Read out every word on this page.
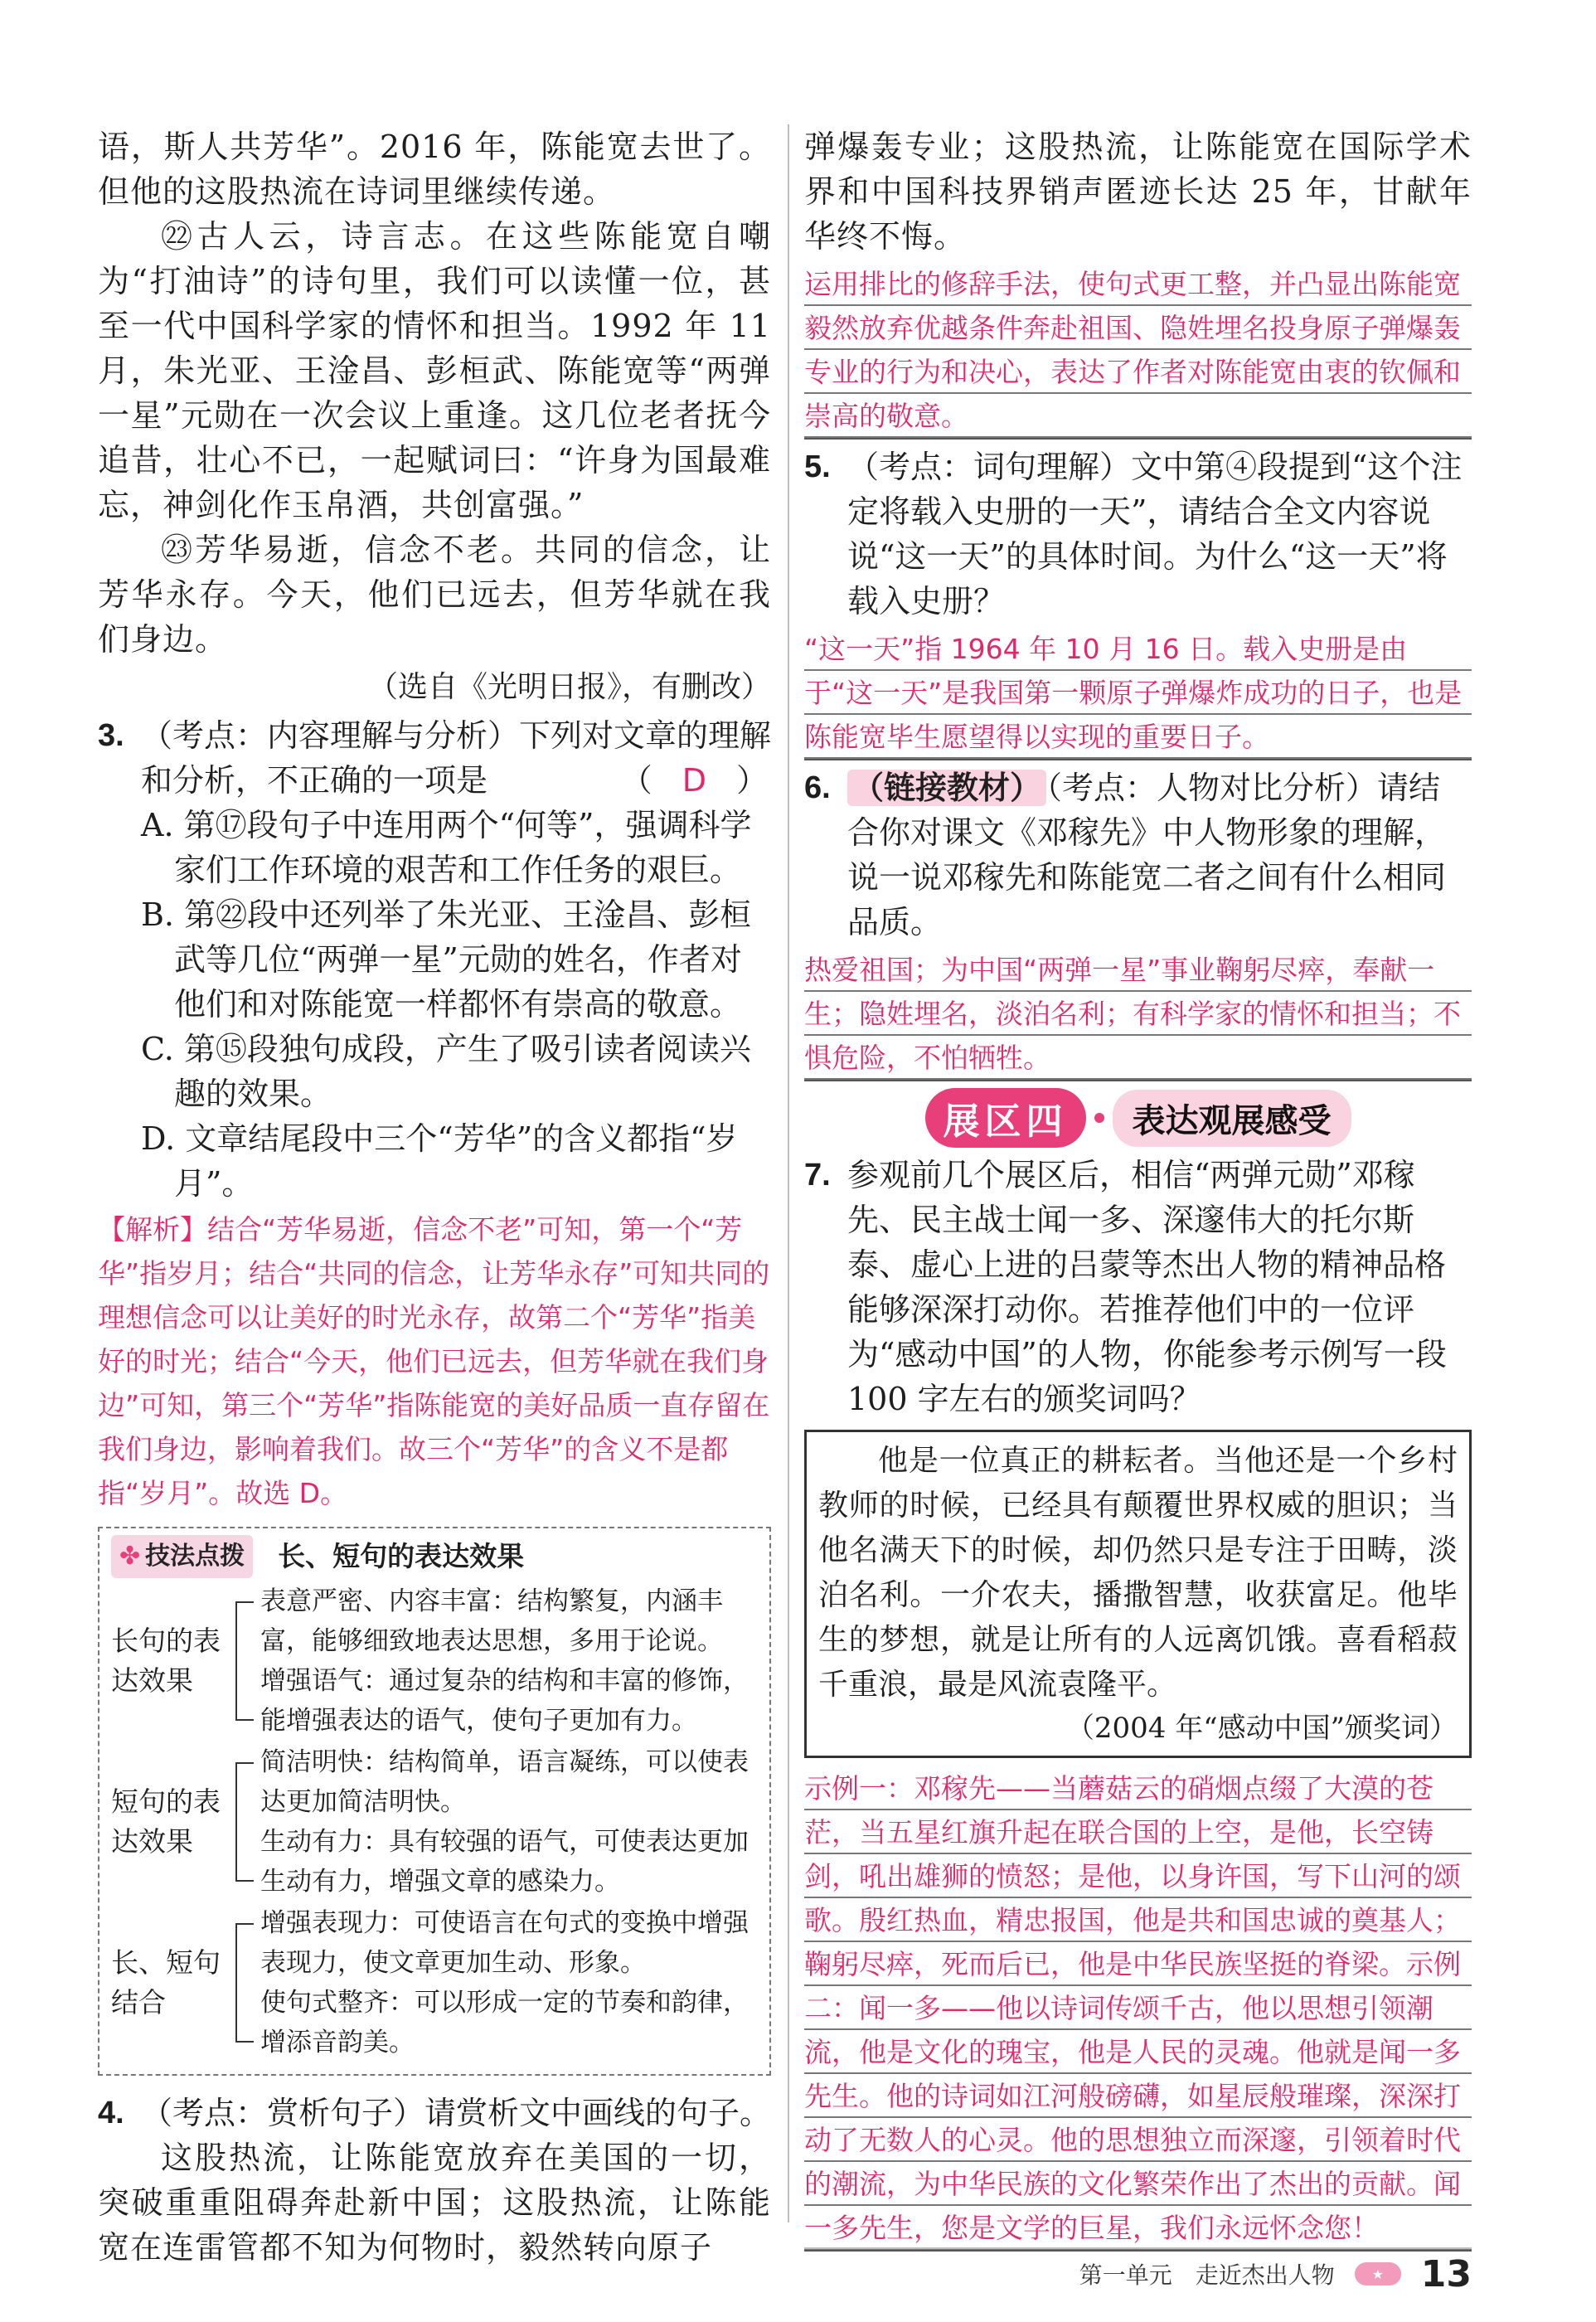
语，斯人共芳华”。2016 年，陈能宽去世了。但他的这股热流在诗词里继续传递。

㉒古人云，诗言志。在这些陈能宽自嘲为“打油诗”的诗句里，我们可以读懂一位，甚至一代中国科学家的情怀和担当。1992 年 11 月，朱光亚、王淦昌、彭桓武、陈能宽等“两弹一星”元勋在一次会议上重逢。这几位老者抚今追昔，壮心不已，一起赋词曰：“许身为国最难忘，神剑化作玉帛酒，共创富强。”

㉓芳华易逝，信念不老。共同的信念，让芳华永存。今天，他们已远去，但芳华就在我们身边。

（选自《光明日报》，有删改）

3. （考点：内容理解与分析）下列对文章的理解和分析，不正确的一项是	（ D ）
A. 第⑰段句子中连用两个“何等”，强调科学家们工作环境的艰苦和工作任务的艰巨。
B. 第㉒段中还列举了朱光亚、王淦昌、彭桓武等几位“两弹一星”元勋的姓名，作者对他们和对陈能宽一样都怀有崇高的敬意。
C. 第⑮段独句成段，产生了吸引读者阅读兴趣的效果。
D. 文章结尾段中三个“芳华”的含义都指“岁月”。

【解析】结合“芳华易逝，信念不老”可知，第一个“芳华”指岁月；结合“共同的信念，让芳华永存”可知共同的理想信念可以让美好的时光永存，故第二个“芳华”指美好的时光；结合“今天，他们已远去，但芳华就在我们身边”可知，第三个“芳华”指陈能宽的美好品质一直存留在我们身边，影响着我们。故三个“芳华”的含义不是都指“岁月”。故选 D。

✤ 技法点拨 长、短句的表达效果
长句的表达效果
表意严密、内容丰富：结构繁复，内涵丰富，能够细致地表达思想，多用于论说。
增强语气：通过复杂的结构和丰富的修饰，能增强表达的语气，使句子更加有力。
短句的表达效果
简洁明快：结构简单，语言凝练，可以使表达更加简洁明快。
生动有力：具有较强的语气，可使表达更加生动有力，增强文章的感染力。
长、短句结合
增强表现力：可使语言在句式的变换中增强表现力，使文章更加生动、形象。
使句式整齐：可以形成一定的节奏和韵律，增添音韵美。
4. （考点：赏析句子）请赏析文中画线的句子。

这股热流，让陈能宽放弃在美国的一切，突破重重阻碍奔赴新中国；这股热流，让陈能宽在连雷管都不知为何物时，毅然转向原子

弹爆轰专业；这股热流，让陈能宽在国际学术界和中国科技界销声匿迹长达 25 年，甘献年华终不悔。

运用排比的修辞手法，使句式更工整，并凸显出陈能宽毅然放弃优越条件奔赴祖国、隐姓埋名投身原子弹爆轰专业的行为和决心，表达了作者对陈能宽由衷的钦佩和崇高的敬意。

5. （考点：词句理解）文中第④段提到“这个注定将载入史册的一天”，请结合全文内容说说“这一天”的具体时间。为什么“这一天”将载入史册？

“这一天”指 1964 年 10 月 16 日。载入史册是由于“这一天”是我国第一颗原子弹爆炸成功的日子，也是陈能宽毕生愿望得以实现的重要日子。

6. （链接教材） （考点：人物对比分析）请结合你对课文《邓稼先》中人物形象的理解，说一说邓稼先和陈能宽二者之间有什么相同品质。

热爱祖国；为中国“两弹一星”事业鞠躬尽瘁，奉献一生；隐姓埋名，淡泊名利；有科学家的情怀和担当；不惧危险，不怕牺牲。

展区四	表达观展感受
7. 参观前几个展区后，相信“两弹元勋”邓稼先、民主战士闻一多、深邃伟大的托尔斯泰、虚心上进的吕蒙等杰出人物的精神品格能够深深打动你。若推荐他们中的一位评为“感动中国”的人物，你能参考示例写一段 100 字左右的颁奖词吗？

他是一位真正的耕耘者。当他还是一个乡村教师的时候，已经具有颠覆世界权威的胆识；当他名满天下的时候，却仍然只是专注于田畴，淡泊名利。一介农夫，播撒智慧，收获富足。他毕生的梦想，就是让所有的人远离饥饿。喜看稻菽千重浪，最是风流袁隆平。

（2004 年“感动中国”颁奖词）

示例一：邓稼先——当蘑菇云的硝烟点缀了大漠的苍茫，当五星红旗升起在联合国的上空，是他，长空铸剑，吼出雄狮的愤怒；是他，以身许国，写下山河的颂歌。殷红热血，精忠报国，他是共和国忠诚的奠基人；鞠躬尽瘁，死而后已，他是中华民族坚挺的脊梁。示例二：闻一多——他以诗词传颂千古，他以思想引领潮流，他是文化的瑰宝，他是人民的灵魂。他就是闻一多先生。他的诗词如江河般磅礴，如星辰般璀璨，深深打动了无数人的心灵。他的思想独立而深邃，引领着时代的潮流，为中华民族的文化繁荣作出了杰出的贡献。闻一多先生，您是文学的巨星，我们永远怀念您！

第一单元　走近杰出人物	★	13
